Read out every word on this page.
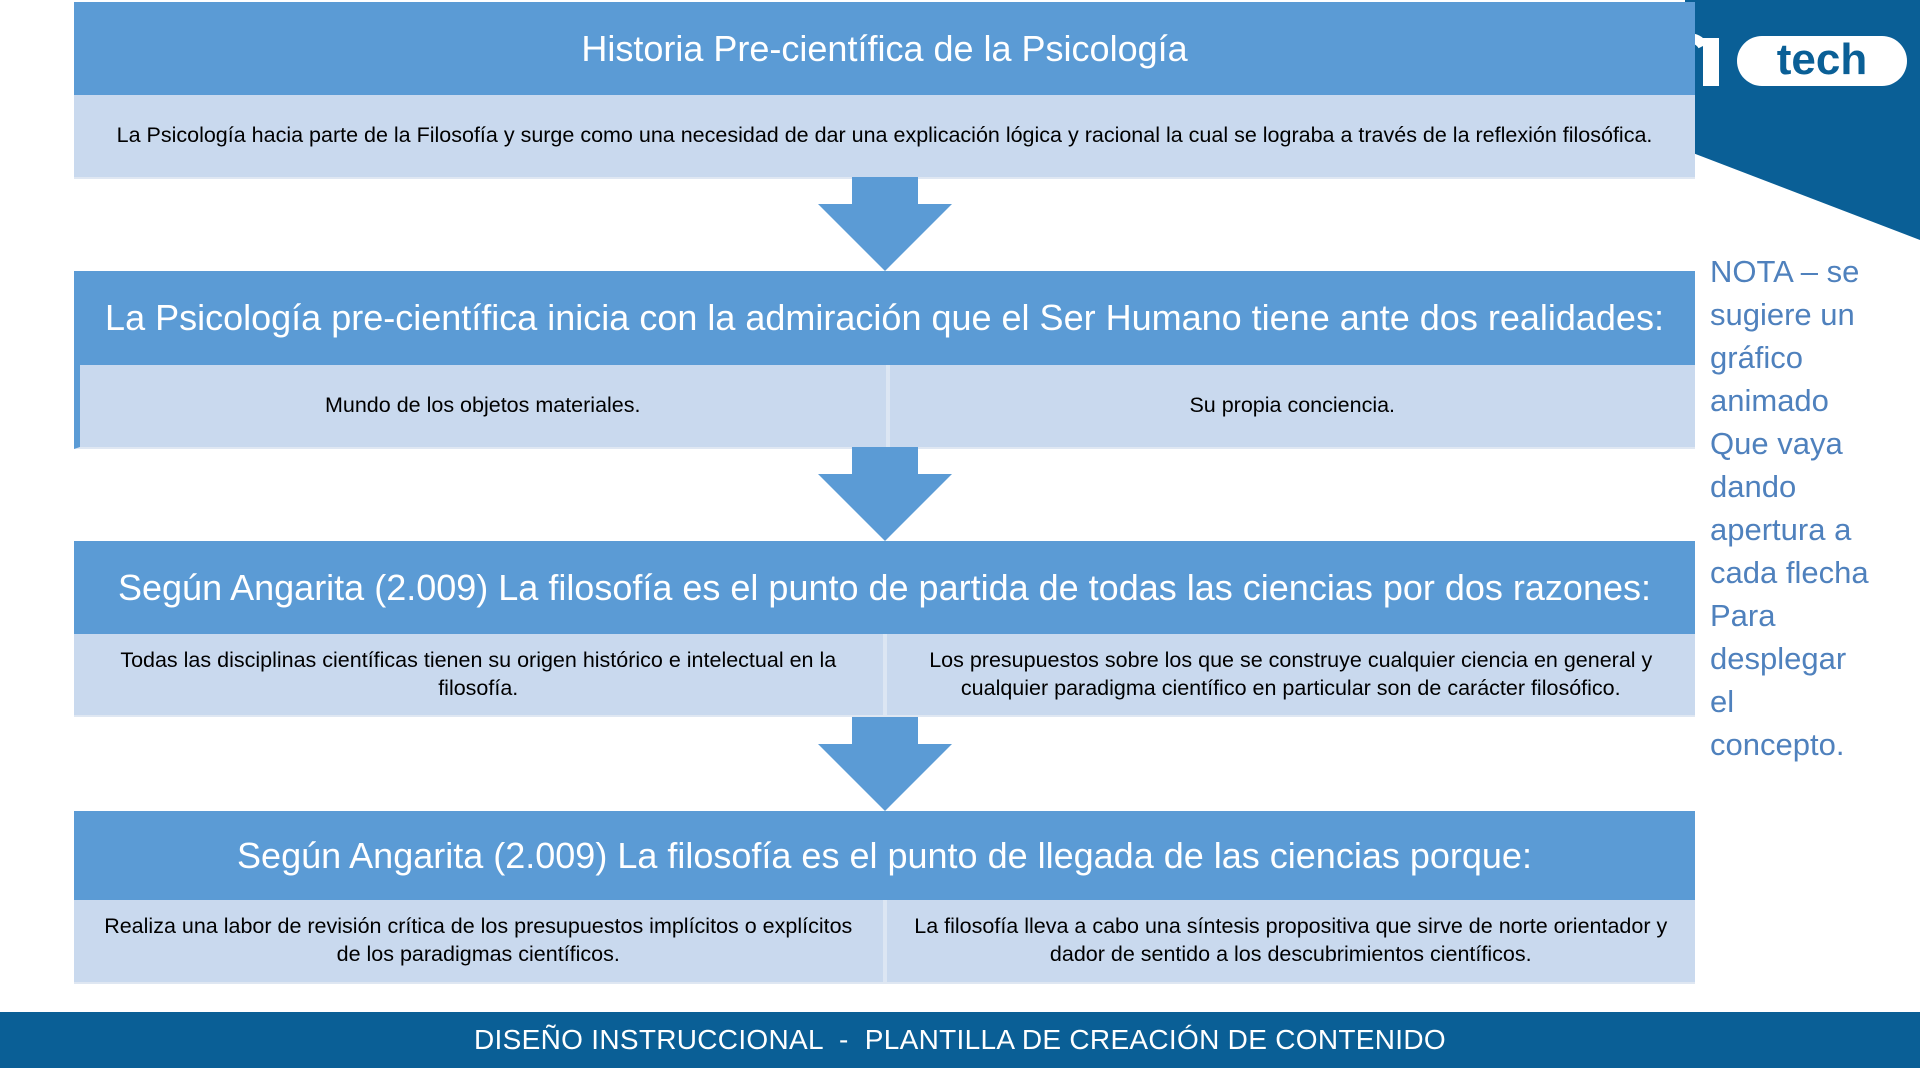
tech
Historia Pre-científica de la Psicología
La Psicología hacia parte de la Filosofía y surge como una necesidad de dar una explicación lógica y racional la cual se lograba a través de la reflexión filosófica.
La Psicología pre-científica inicia con la admiración que el Ser Humano tiene ante dos realidades:
Mundo de los objetos materiales.	Su propia conciencia.
Según Angarita (2.009) La filosofía es el punto de partida de todas las ciencias por dos razones:
Todas las disciplinas científicas tienen su origen histórico e intelectual en la filosofía.
Los presupuestos sobre los que se construye cualquier ciencia en general y cualquier paradigma científico en particular son de carácter filosófico.
Según Angarita (2.009) La filosofía es el punto de llegada de las ciencias porque:
Realiza una labor de revisión crítica de los presupuestos implícitos o explícitos de los paradigmas científicos.
La filosofía lleva a cabo una síntesis propositiva que sirve de norte orientador y dador de sentido a los descubrimientos científicos.
NOTA – se
sugiere un
gráfico
animado
Que vaya
dando
apertura a
cada flecha
Para
desplegar
el
concepto.
DISEÑO INSTRUCCIONAL  -  PLANTILLA DE CREACIÓN DE CONTENIDO
